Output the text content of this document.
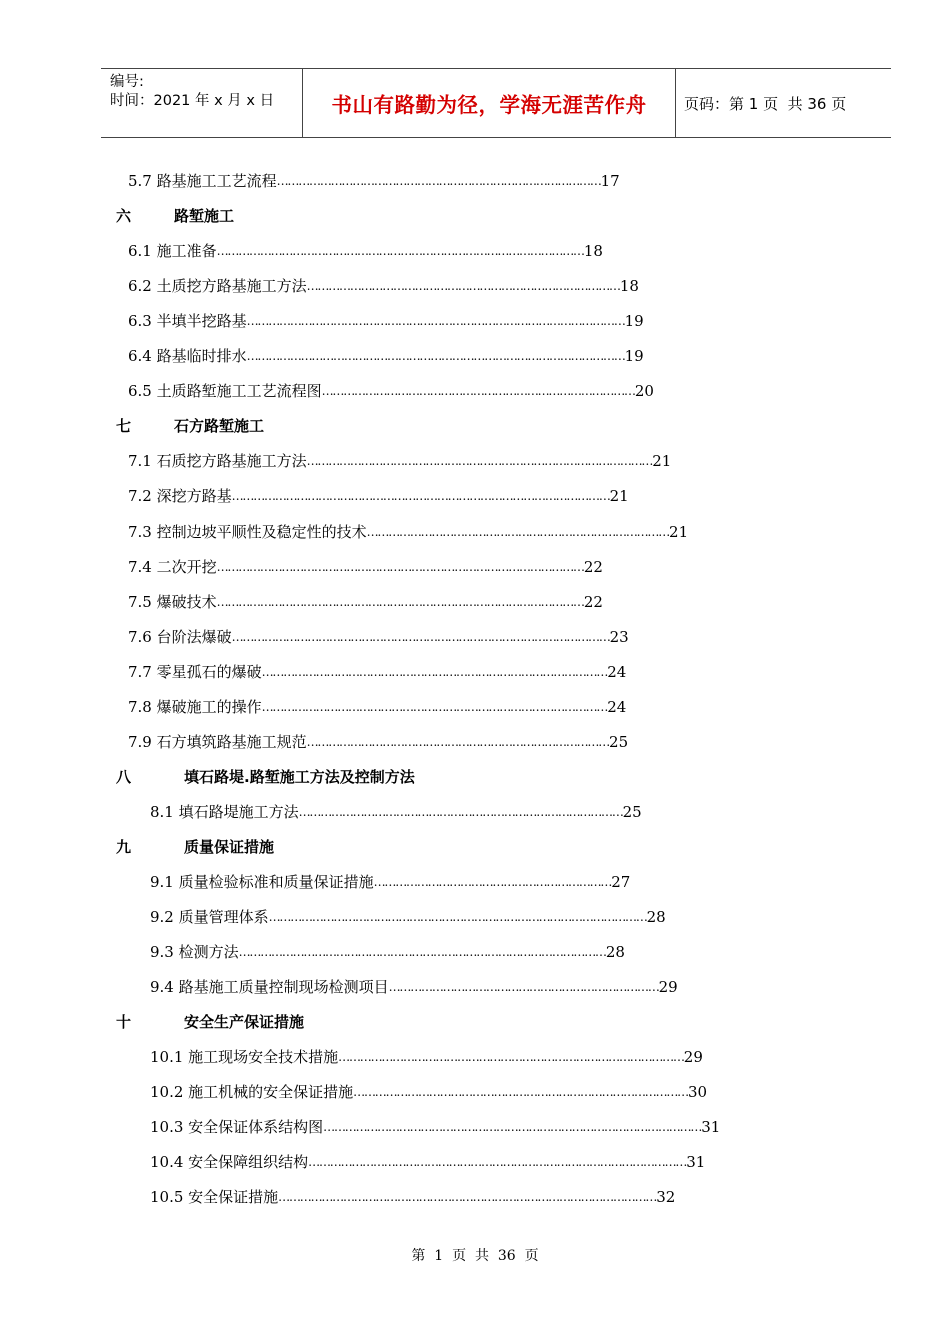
编号:
时间：2021 年 x 月 x 日	书山有路勤为径，学海无涯苦作舟	页码：第 1 页  共 36 页
5.7 路基施工工艺流程………………………………………………………………………………17
六	路堑施工
6.1 施工准备…………………………………………………………………………………………18
6.2 土质挖方路基施工方法……………………………………………………………………………18
6.3 半填半挖路基……………………………………………………………………………………………19
6.4 路基临时排水……………………………………………………………………………………………19
6.5 土质路堑施工工艺流程图……………………………………………………………………………20
七	石方路堑施工
7.1 石质挖方路基施工方法……………………………………………………………………………………21
7.2 深挖方路基……………………………………………………………………………………………21
7.3 控制边坡平顺性及稳定性的技术…………………………………………………………………………21
7.4 二次开挖…………………………………………………………………………………………22
7.5 爆破技术…………………………………………………………………………………………22
7.6 台阶法爆破……………………………………………………………………………………………23
7.7 零星孤石的爆破……………………………………………………………………………………24
7.8 爆破施工的操作……………………………………………………………………………………24
7.9 石方填筑路基施工规范…………………………………………………………………………25
八	填石路堤.路堑施工方法及控制方法
8.1 填石路堤施工方法………………………………………………………………………………25
九	质量保证措施
9.1 质量检验标准和质量保证措施…………………………………………………………27
9.2 质量管理体系……………………………………………………………………………………………28
9.3 检测方法…………………………………………………………………………………………28
9.4 路基施工质量控制现场检测项目…………………………………………………………………29
十	安全生产保证措施
10.1 施工现场安全技术措施……………………………………………………………………………………29
10.2 施工机械的安全保证措施…………………………………………………………………………………30
10.3 安全保证体系结构图……………………………………………………………………………………………31
10.4 安全保障组织结构……………………………………………………………………………………………31
10.5 安全保证措施……………………………………………………………………………………………32
第  1  页  共  36  页
